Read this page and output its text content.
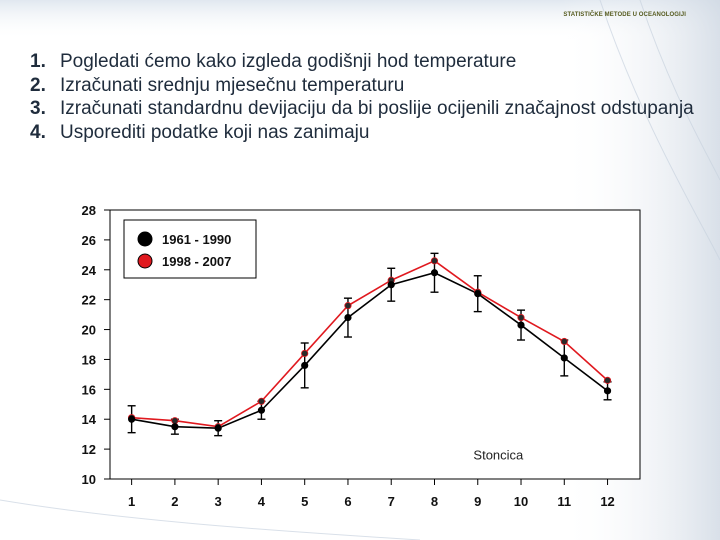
STATISTIČKE METODE U OCEANOLOGIJI
1. Pogledati ćemo kako izgleda godišnji hod temperature
2. Izračunati srednju mjesečnu temperaturu
3. Izračunati standardnu devijaciju da bi poslije ocijenili značajnost odstupanja
4. Usporediti podatke koji nas zanimaju
10
12
14
16
18
20
22
24
26
28
1	2	3	4	5	6	7	8	9 10 11 12
1961 - 1990
1998 - 2007
Stoncica
